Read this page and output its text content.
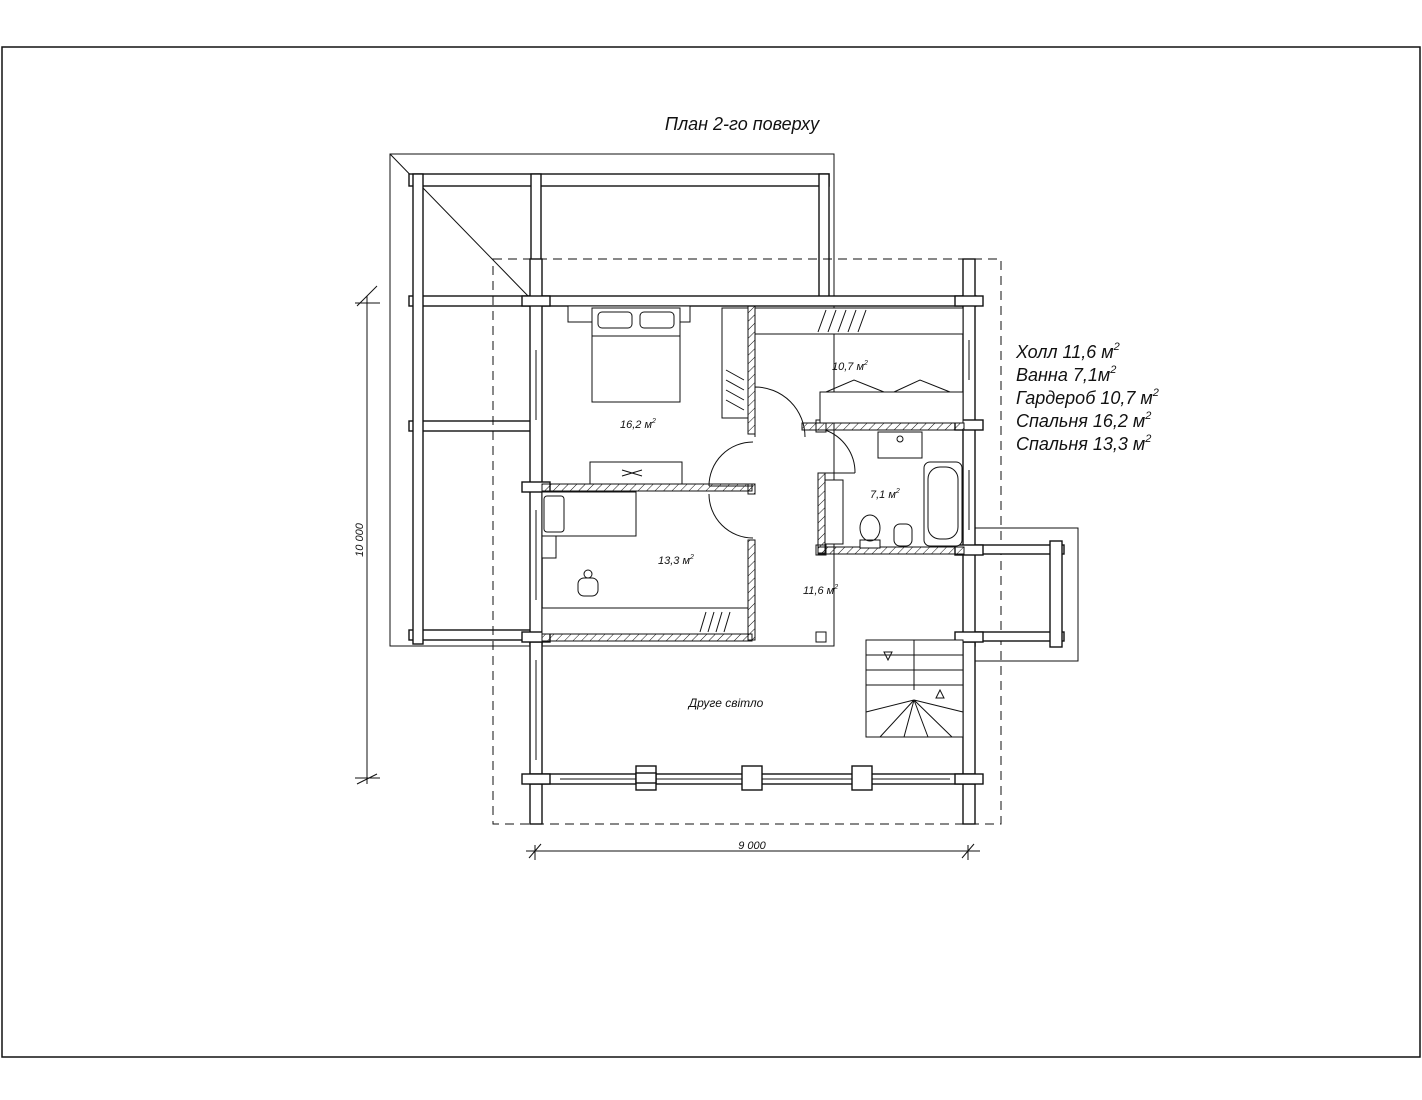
План 2-го поверху
10 000
9 000
16,2 $м^2$
10,7 $м^2$
7,1 $м^2$
13,3 $м^2$
11,6 $м^2$
Друге світло
Холл 11,6 $м^2$
Ванна $7,1м^2$
Гардероб 10,7 $м^2$
Спальня 16,2 $м^2$
Спальня 13,3 $м^2$
